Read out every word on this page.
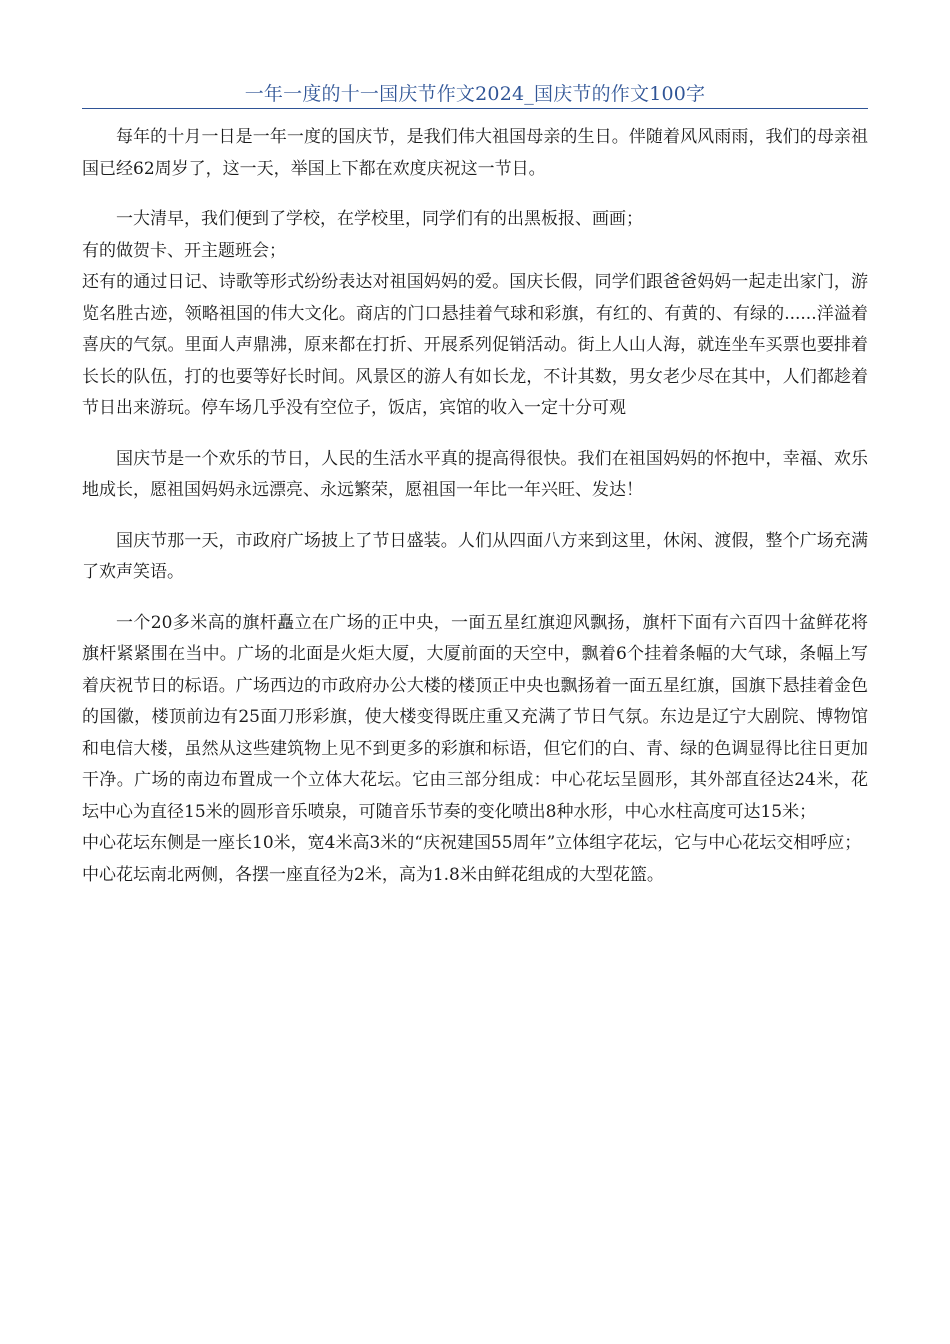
一年一度的十一国庆节作文2024_国庆节的作文100字

每年的十月一日是一年一度的国庆节，是我们伟大祖国母亲的生日。伴随着风风雨雨，我们的母亲祖国已经62周岁了，这一天，举国上下都在欢度庆祝这一节日。

一大清早，我们便到了学校，在学校里，同学们有的出黑板报、画画；

有的做贺卡、开主题班会；

还有的通过日记、诗歌等形式纷纷表达对祖国妈妈的爱。国庆长假，同学们跟爸爸妈妈一起走出家门，游览名胜古迹，领略祖国的伟大文化。商店的门口悬挂着气球和彩旗，有红的、有黄的、有绿的......洋溢着喜庆的气氛。里面人声鼎沸，原来都在打折、开展系列促销活动。街上人山人海，就连坐车买票也要排着长长的队伍，打的也要等好长时间。风景区的游人有如长龙，不计其数，男女老少尽在其中，人们都趁着节日出来游玩。停车场几乎没有空位子，饭店，宾馆的收入一定十分可观

国庆节是一个欢乐的节日，人民的生活水平真的提高得很快。我们在祖国妈妈的怀抱中，幸福、欢乐地成长，愿祖国妈妈永远漂亮、永远繁荣，愿祖国一年比一年兴旺、发达！

国庆节那一天，市政府广场披上了节日盛装。人们从四面八方来到这里，休闲、渡假，整个广场充满了欢声笑语。

一个20多米高的旗杆矗立在广场的正中央，一面五星红旗迎风飘扬，旗杆下面有六百四十盆鲜花将旗杆紧紧围在当中。广场的北面是火炬大厦，大厦前面的天空中，飘着6个挂着条幅的大气球，条幅上写着庆祝节日的标语。广场西边的市政府办公大楼的楼顶正中央也飘扬着一面五星红旗，国旗下悬挂着金色的国徽，楼顶前边有25面刀形彩旗，使大楼变得既庄重又充满了节日气氛。东边是辽宁大剧院、博物馆和电信大楼，虽然从这些建筑物上见不到更多的彩旗和标语，但它们的白、青、绿的色调显得比往日更加干净。广场的南边布置成一个立体大花坛。它由三部分组成：中心花坛呈圆形，其外部直径达24米，花坛中心为直径15米的圆形音乐喷泉，可随音乐节奏的变化喷出8种水形，中心水柱高度可达15米；

中心花坛东侧是一座长10米，宽4米高3米的“庆祝建国55周年”立体组字花坛，它与中心花坛交相呼应；

中心花坛南北两侧，各摆一座直径为2米，高为1.8米由鲜花组成的大型花篮。
